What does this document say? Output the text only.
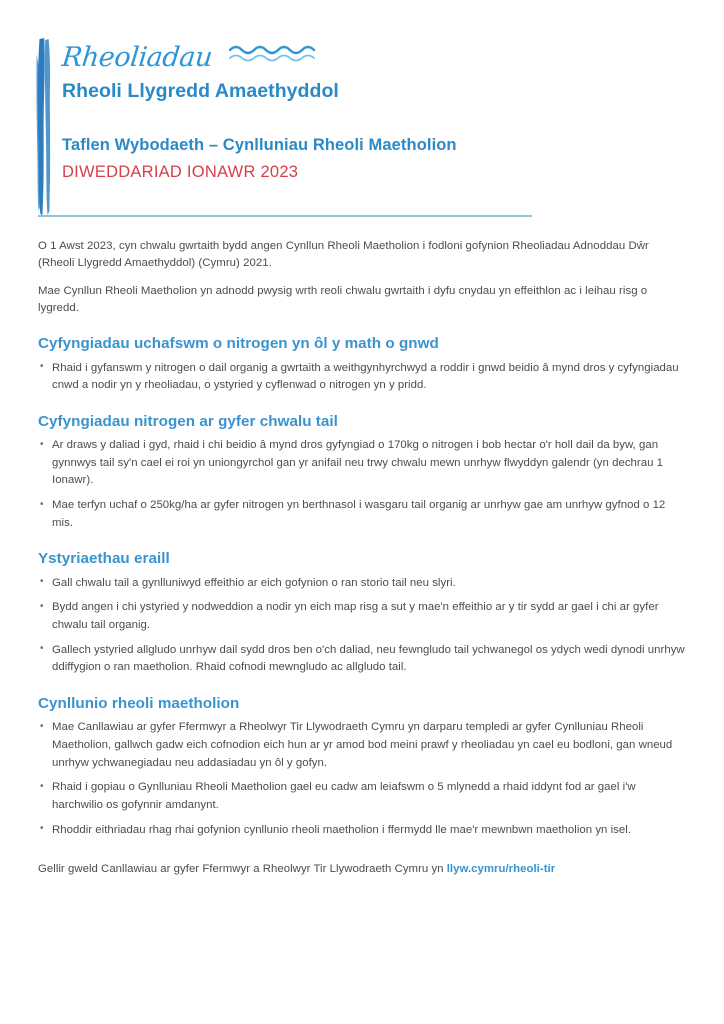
Rheoliadau
Rheoli Llygredd Amaethyddol
Taflen Wybodaeth – Cynlluniau Rheoli Maetholion
DIWEDDARIAD IONAWR 2023

O 1 Awst 2023, cyn chwalu gwrtaith bydd angen Cynllun Rheoli Maetholion i fodloni gofynion Rheoliadau Adnoddau Dŵr (Rheoli Llygredd Amaethyddol) (Cymru) 2021.

Mae Cynllun Rheoli Maetholion yn adnodd pwysig wrth reoli chwalu gwrtaith i dyfu cnydau yn effeithlon ac i leihau risg o lygredd.

Cyfyngiadau uchafswm o nitrogen yn ôl y math o gnwd
• Rhaid i gyfanswm y nitrogen o dail organig a gwrtaith a weithgynhyrchwyd a roddir i gnwd beidio â mynd dros y cyfyngiadau cnwd a nodir yn y rheoliadau, o ystyried y cyflenwad o nitrogen yn y pridd.
Cyfyngiadau nitrogen ar gyfer chwalu tail
• Ar draws y daliad i gyd, rhaid i chi beidio â mynd dros gyfyngiad o 170kg o nitrogen i bob hectar o'r holl dail da byw, gan gynnwys tail sy'n cael ei roi yn uniongyrchol gan yr anifail neu trwy chwalu mewn unrhyw flwyddyn galendr (yn dechrau 1 Ionawr).
• Mae terfyn uchaf o 250kg/ha ar gyfer nitrogen yn berthnasol i wasgaru tail organig ar unrhyw gae am unrhyw gyfnod o 12 mis.
Ystyriaethau eraill
• Gall chwalu tail a gynlluniwyd effeithio ar eich gofynion o ran storio tail neu slyri.
• Bydd angen i chi ystyried y nodweddion a nodir yn eich map risg a sut y mae'n effeithio ar y tir sydd ar gael i chi ar gyfer chwalu tail organig.
• Gallech ystyried allgludo unrhyw dail sydd dros ben o'ch daliad, neu fewngludo tail ychwanegol os ydych wedi dynodi unrhyw ddiffygion o ran maetholion. Rhaid cofnodi mewngludo ac allgludo tail.
Cynllunio rheoli maetholion
• Mae Canllawiau ar gyfer Ffermwyr a Rheolwyr Tir Llywodraeth Cymru yn darparu templedi ar gyfer Cynlluniau Rheoli Maetholion, gallwch gadw eich cofnodion eich hun ar yr amod bod meini prawf y rheoliadau yn cael eu bodloni, gan wneud unrhyw ychwanegiadau neu addasiadau yn ôl y gofyn.
• Rhaid i gopiau o Gynlluniau Rheoli Maetholion gael eu cadw am leiafswm o 5 mlynedd a rhaid iddynt fod ar gael i'w harchwilio os gofynnir amdanynt.
• Rhoddir eithriadau rhag rhai gofynion cynllunio rheoli maetholion i ffermydd lle mae'r mewnbwn maetholion yn isel.

Gellir gweld Canllawiau ar gyfer Ffermwyr a Rheolwyr Tir Llywodraeth Cymru yn llyw.cymru/rheoli-tir
